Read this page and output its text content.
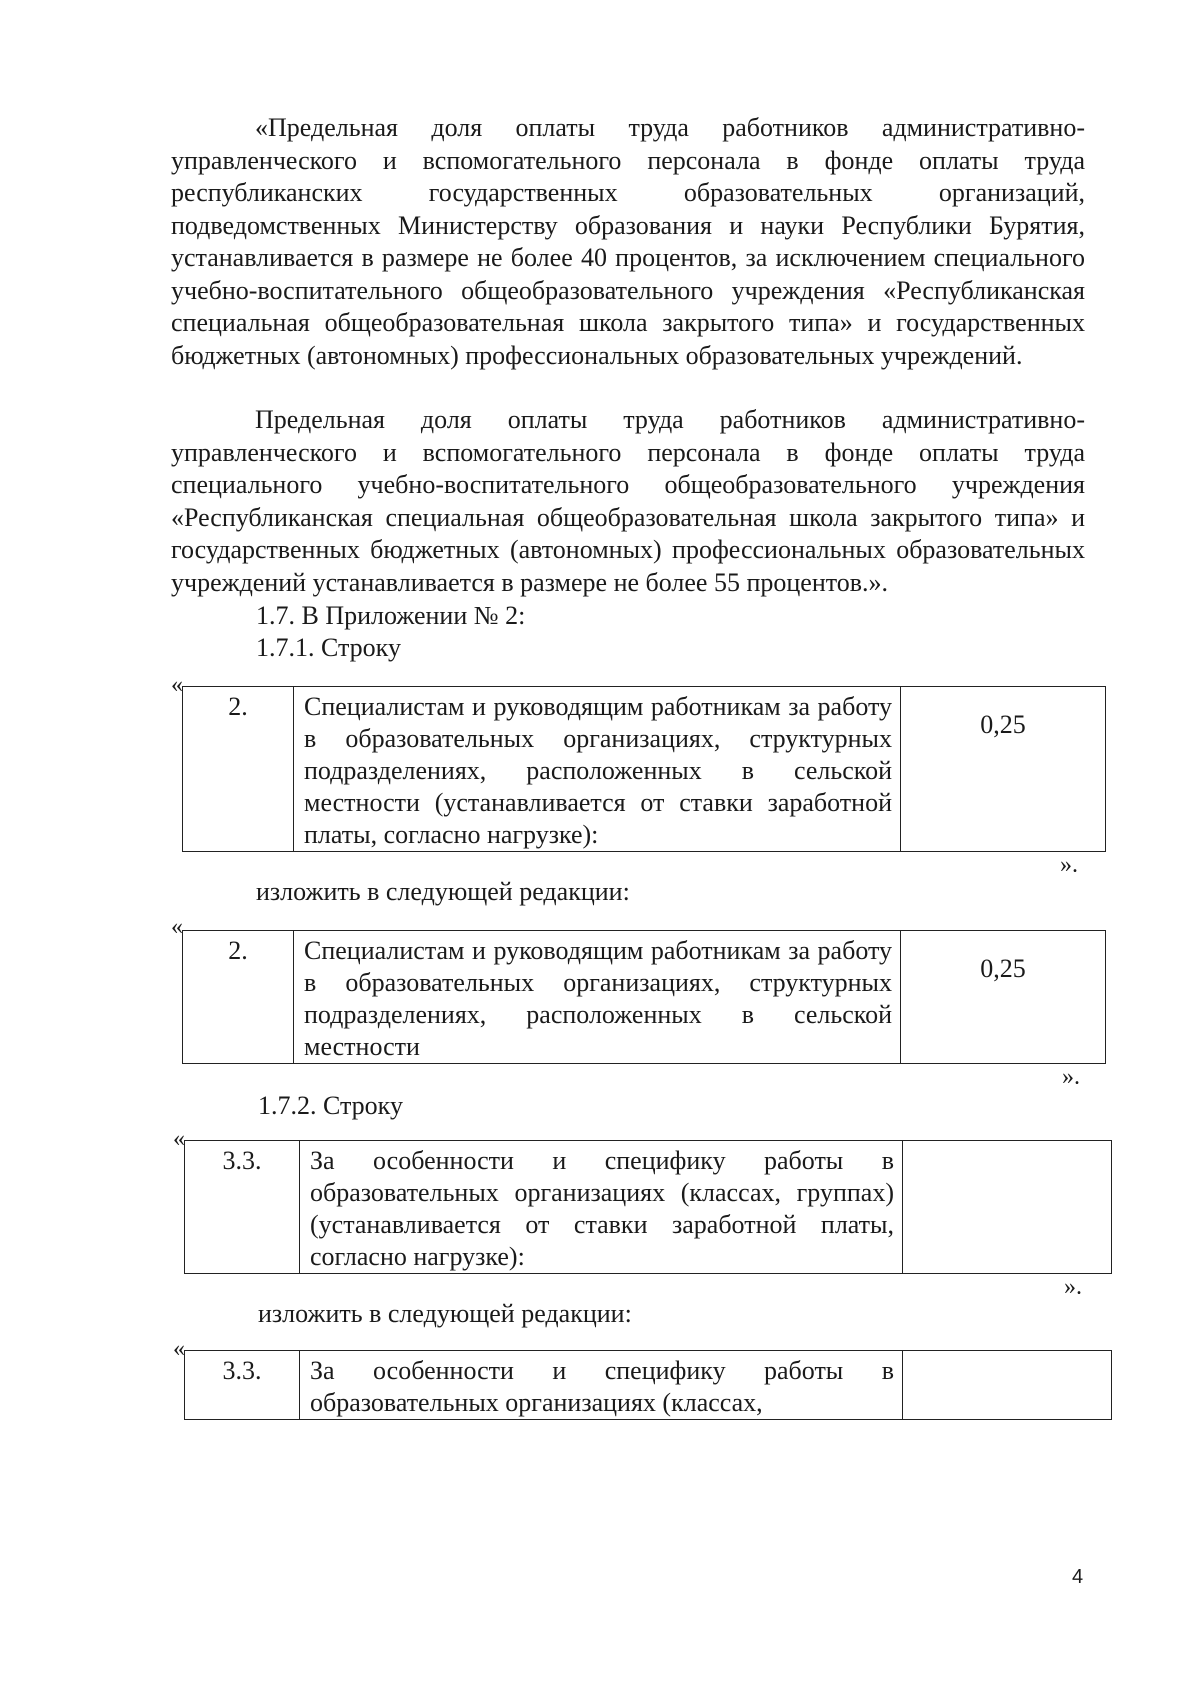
«Предельная доля оплаты труда работников административно-управленческого и вспомогательного персонала в фонде оплаты труда республиканских государственных образовательных организаций, подведомственных Министерству образования и науки Республики Бурятия, устанавливается в размере не более 40 процентов, за исключением специального учебно-воспитательного общеобразовательного учреждения «Республиканская специальная общеобразовательная школа закрытого типа» и государственных бюджетных (автономных) профессиональных образовательных учреждений.

Предельная доля оплаты труда работников административно-управленческого и вспомогательного персонала в фонде оплаты труда специального учебно-воспитательного общеобразовательного учреждения «Республиканская специальная общеобразовательная школа закрытого типа» и государственных бюджетных (автономных) профессиональных образовательных учреждений устанавливается в размере не более 55 процентов.».

1.7. В Приложении № 2:
1.7.1. Строку
«
2.	Специалистам и руководящим работникам за работу в образовательных организациях, структурных подразделениях, расположенных в сельской местности (устанавливается от ставки заработной платы, согласно нагрузке):	0,25
».
изложить в следующей редакции:
«
2.	Специалистам и руководящим работникам за работу в образовательных организациях, структурных подразделениях, расположенных в сельской местности	0,25
».
1.7.2. Строку
«
3.3.	За особенности и специфику работы в образовательных организациях (классах, группах) (устанавливается от ставки заработной платы, согласно нагрузке):	
».
изложить в следующей редакции:
«
3.3.	За особенности и специфику работы в образовательных организациях (классах,	
4
